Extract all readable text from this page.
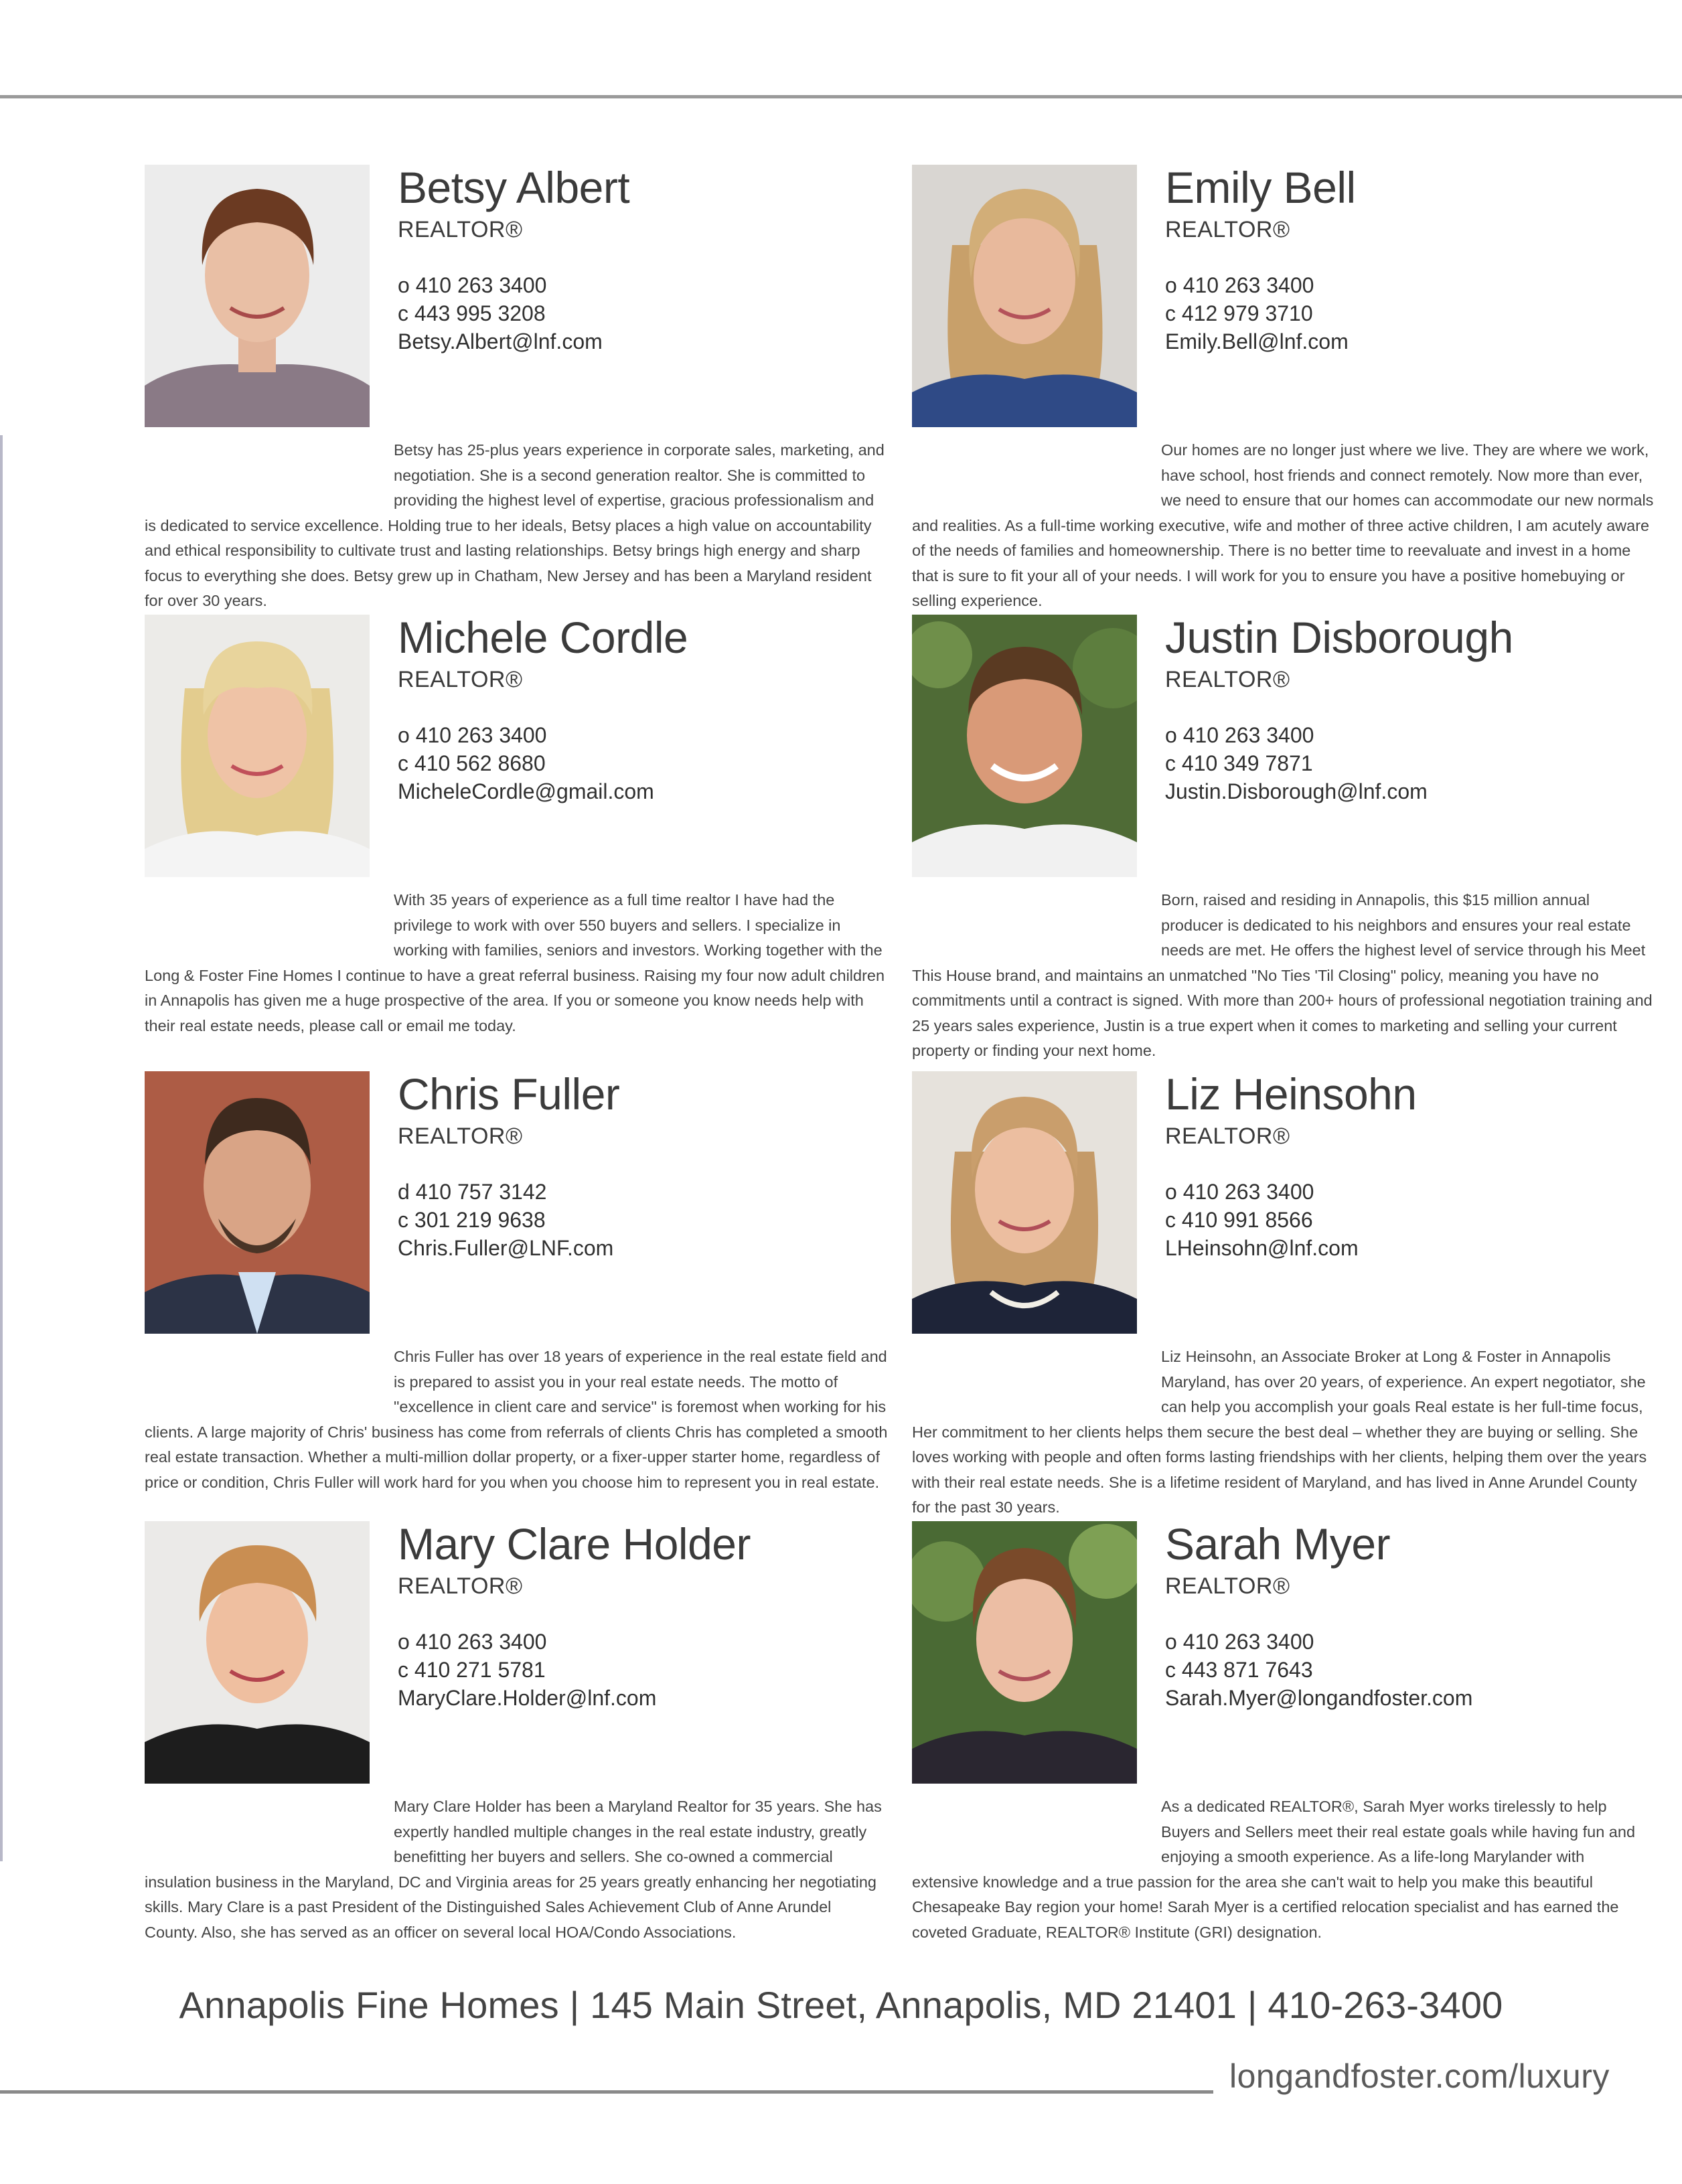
Betsy Albert
REALTOR®
o 410 263 3400
c 443 995 3208
Betsy.Albert@lnf.com
Betsy has 25-plus years experience in corporate sales, marketing, and negotiation. She is a second generation realtor. She is committed to providing the highest level of expertise, gracious professionalism and is dedicated to service excellence. Holding true to her ideals, Betsy places a high value on accountability and ethical responsibility to cultivate trust and lasting relationships. Betsy brings high energy and sharp focus to everything she does. Betsy grew up in Chatham, New Jersey and has been a Maryland resident for over 30 years.
Emily Bell
REALTOR®
o 410 263 3400
c 412 979 3710
Emily.Bell@lnf.com
Our homes are no longer just where we live. They are where we work, have school, host friends and connect remotely. Now more than ever, we need to ensure that our homes can accommodate our new normals and realities. As a full-time working executive, wife and mother of three active children, I am acutely aware of the needs of families and homeownership. There is no better time to reevaluate and invest in a home that is sure to fit your all of your needs. I will work for you to ensure you have a positive homebuying or selling experience.
Michele Cordle
REALTOR®
o 410 263 3400
c 410 562 8680
MicheleCordle@gmail.com
With 35 years of experience as a full time realtor I have had the privilege to work with over 550 buyers and sellers. I specialize in working with families, seniors and investors. Working together with the Long & Foster Fine Homes I continue to have a great referral business. Raising my four now adult children in Annapolis has given me a huge prospective of the area. If you or someone you know needs help with their real estate needs, please call or email me today.
Justin Disborough
REALTOR®
o 410 263 3400
c 410 349 7871
Justin.Disborough@lnf.com
Born, raised and residing in Annapolis, this $15 million annual producer is dedicated to his neighbors and ensures your real estate needs are met. He offers the highest level of service through his Meet This House brand, and maintains an unmatched "No Ties 'Til Closing" policy, meaning you have no commitments until a contract is signed. With more than 200+ hours of professional negotiation training and 25 years sales experience, Justin is a true expert when it comes to marketing and selling your current property or finding your next home.
Chris Fuller
REALTOR®
d 410 757 3142
c 301 219 9638
Chris.Fuller@LNF.com
Chris Fuller has over 18 years of experience in the real estate field and is prepared to assist you in your real estate needs. The motto of "excellence in client care and service" is foremost when working for his clients. A large majority of Chris' business has come from referrals of clients Chris has completed a smooth real estate transaction. Whether a multi-million dollar property, or a fixer-upper starter home, regardless of price or condition, Chris Fuller will work hard for you when you choose him to represent you in real estate.
Liz Heinsohn
REALTOR®
o 410 263 3400
c 410 991 8566
LHeinsohn@lnf.com
Liz Heinsohn, an Associate Broker at Long & Foster in Annapolis Maryland, has over 20 years, of experience. An expert negotiator, she can help you accomplish your goals Real estate is her full-time focus, Her commitment to her clients helps them secure the best deal – whether they are buying or selling. She loves working with people and often forms lasting friendships with her clients, helping them over the years with their real estate needs. She is a lifetime resident of Maryland, and has lived in Anne Arundel County for the past 30 years.
Mary Clare Holder
REALTOR®
o 410 263 3400
c 410 271 5781
MaryClare.Holder@lnf.com
Mary Clare Holder has been a Maryland Realtor for 35 years. She has expertly handled multiple changes in the real estate industry, greatly benefitting her buyers and sellers. She co-owned a commercial insulation business in the Maryland, DC and Virginia areas for 25 years greatly enhancing her negotiating skills. Mary Clare is a past President of the Distinguished Sales Achievement Club of Anne Arundel County. Also, she has served as an officer on several local HOA/Condo Associations.
Sarah Myer
REALTOR®
o 410 263 3400
c 443 871 7643
Sarah.Myer@longandfoster.com
As a dedicated REALTOR®, Sarah Myer works tirelessly to help Buyers and Sellers meet their real estate goals while having fun and enjoying a smooth experience. As a life-long Marylander with extensive knowledge and a true passion for the area she can't wait to help you make this beautiful Chesapeake Bay region your home! Sarah Myer is a certified relocation specialist and has earned the coveted Graduate, REALTOR® Institute (GRI) designation.
Annapolis Fine Homes | 145 Main Street, Annapolis, MD 21401 | 410-263-3400
longandfoster.com/luxury
